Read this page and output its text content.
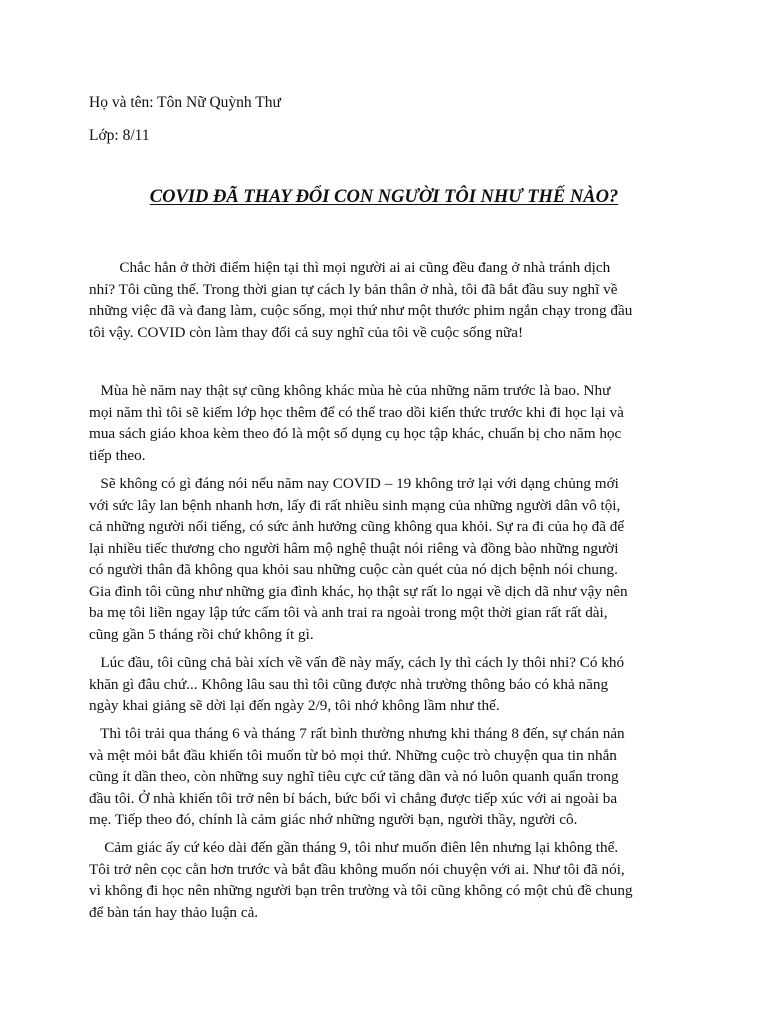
Họ và tên: Tôn Nữ Quỳnh Thư
Lớp: 8/11
COVID ĐÃ THAY ĐỔI CON NGƯỜI TÔI NHƯ THẾ NÀO?
Chắc hẳn ở thời điểm hiện tại thì mọi người ai ai cũng đều đang ở nhà tránh dịch
nhỉ? Tôi cũng thế. Trong thời gian tự cách ly bản thân ở nhà, tôi đã bắt đầu suy nghĩ về
những việc đã và đang làm, cuộc sống, mọi thứ như một thước phim ngắn chạy trong đầu
tôi vậy. COVID còn làm thay đổi cả suy nghĩ của tôi về cuộc sống nữa!
Mùa hè năm nay thật sự cũng không khác mùa hè của những năm trước là bao. Như
mọi năm thì tôi sẽ kiếm lớp học thêm để có thể trao dồi kiến thức trước khi đi học lại và
mua sách giáo khoa kèm theo đó là một số dụng cụ học tập khác, chuẩn bị cho năm học
tiếp theo.
Sẽ không có gì đáng nói nếu năm nay COVID – 19 không trở lại với dạng chủng mới
với sức lây lan bệnh nhanh hơn, lấy đi rất nhiều sinh mạng của những người dân vô tội,
cả những người nổi tiếng, có sức ảnh hưởng cũng không qua khỏi. Sự ra đi của họ đã để
lại nhiều tiếc thương cho người hâm mộ nghệ thuật nói riêng và đồng bào những người
có người thân đã không qua khỏi sau những cuộc càn quét của nó dịch bệnh nói chung.
Gia đình tôi cũng như những gia đình khác, họ thật sự rất lo ngại về dịch dã như vậy nên
ba mẹ tôi liền ngay lập tức cấm tôi và anh trai ra ngoài trong một thời gian rất rất dài,
cũng gần 5 tháng rồi chứ không ít gì.
Lúc đầu, tôi cũng chả bài xích về vấn đề này mấy, cách ly thì cách ly thôi nhỉ? Có khó
khăn gì đâu chứ... Không lâu sau thì tôi cũng được nhà trường thông báo có khả năng
ngày khai giảng sẽ dời lại đến ngày 2/9, tôi nhớ không lầm như thế.
Thì tôi trải qua tháng 6 và tháng 7 rất bình thường nhưng khi tháng 8 đến, sự chán nản
và mệt mỏi bắt đầu khiến tôi muốn từ bỏ mọi thứ. Những cuộc trò chuyện qua tin nhắn
cũng ít dần theo, còn những suy nghĩ tiêu cực cứ tăng dần và nó luôn quanh quẩn trong
đầu tôi. Ở nhà khiến tôi trở nên bí bách, bức bối vì chẳng được tiếp xúc với ai ngoài ba
mẹ. Tiếp theo đó, chính là cảm giác nhớ những người bạn, người thầy, người cô.
Cảm giác ấy cứ kéo dài đến gần tháng 9, tôi như muốn điên lên nhưng lại không thể.
Tôi trở nên cọc cằn hơn trước và bắt đầu không muốn nói chuyện với ai. Như tôi đã nói,
vì không đi học nên những người bạn trên trường và tôi cũng không có một chủ đề chung
để bàn tán hay thảo luận cả.
